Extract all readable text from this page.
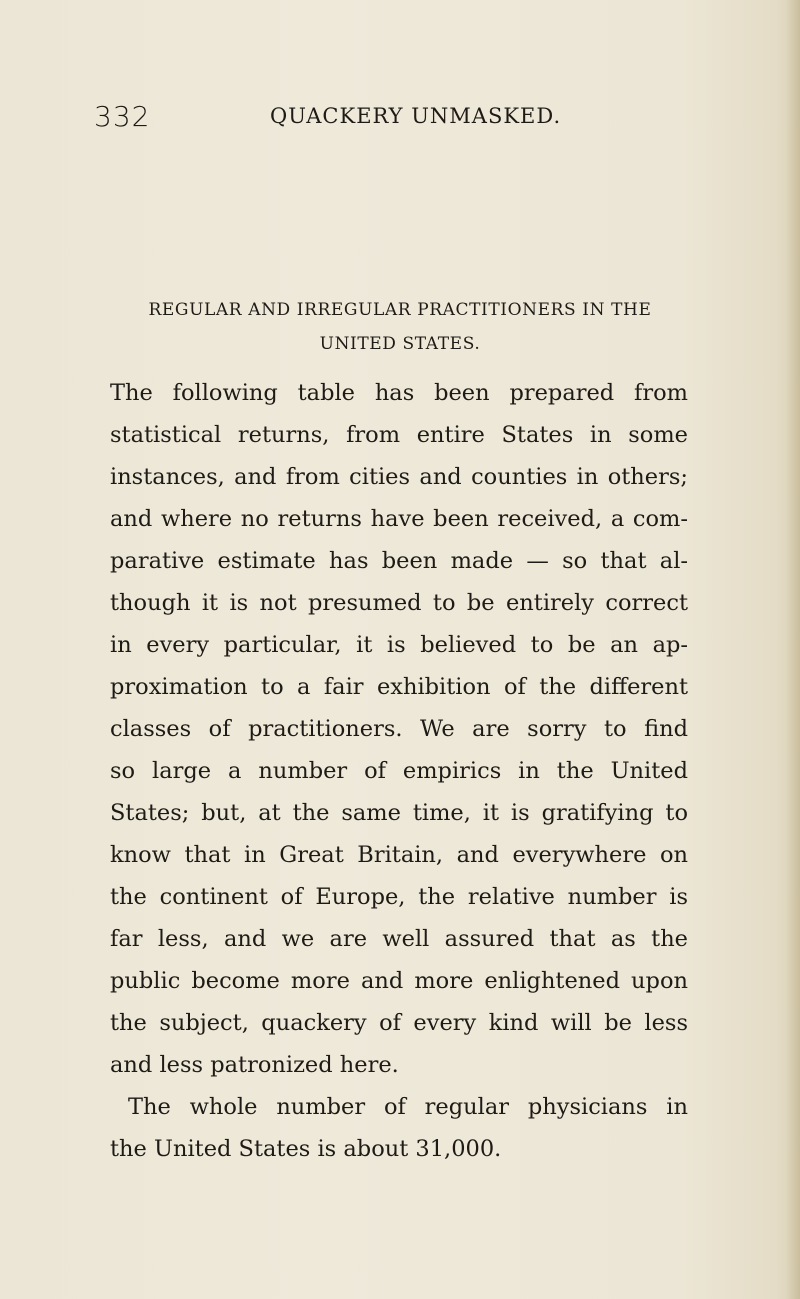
332	QUACKERY UNMASKED.
REGULAR AND IRREGULAR PRACTITIONERS IN THE
UNITED STATES.
The following table has been prepared from
statistical returns, from entire States in some
instances, and from cities and counties in others;
and where no returns have been received, a com-
parative estimate has been made — so that al-
though it is not presumed to be entirely correct
in every particular, it is believed to be an ap-
proximation to a fair exhibition of the different
classes of practitioners. We are sorry to find
so large a number of empirics in the United
States; but, at the same time, it is gratifying to
know that in Great Britain, and everywhere on
the continent of Europe, the relative number is
far less, and we are well assured that as the
public become more and more enlightened upon
the subject, quackery of every kind will be less
and less patronized here.
The whole number of regular physicians in
the United States is about 31,000.
